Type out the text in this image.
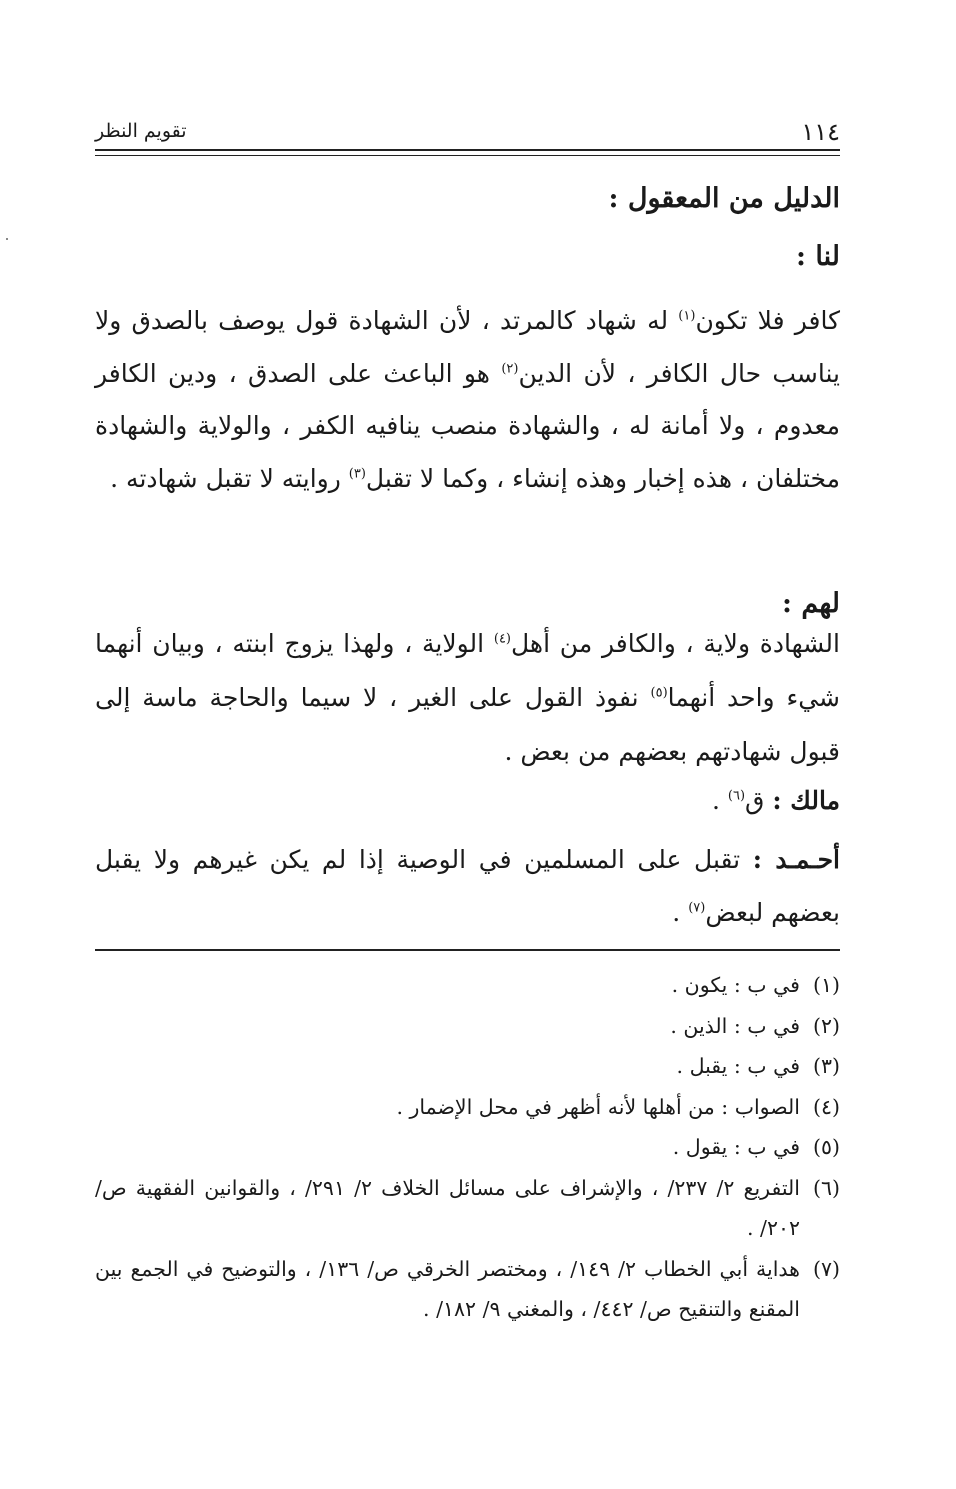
١١٤
تقويم النظر
الدليل من المعقول :
لنا :

كافر فلا تكون$^{(١)}$ له شهاد كالمرتد ، لأن الشهادة قول يوصف بالصدق ولا يناسب حال الكافر ، لأن الدين$^{(٢)}$ هو الباعث على الصدق ، ودين الكافر معدوم ، ولا أمانة له ، والشهادة منصب ينافيه الكفر ، والولاية والشهادة مختلفان ، هذه إخبار وهذه إنشاء ، وكما لا تقبل$^{(٣)}$ روايته لا تقبل شهادته .

لهم :

الشهادة ولاية ، والكافر من أهل$^{(٤)}$ الولاية ، ولهذا يزوج ابنته ، وبيان أنهما شيء واحد أنهما$^{(٥)}$ نفوذ القول على الغير ، لا سيما والحاجة ماسة إلى قبول شهادتهم بعضهم من بعض .

مالك : ق$^{(٦)}$ .

أحـمـد : تقبل على المسلمين في الوصية إذا لم يكن غيرهم ولا يقبل بعضهم لبعض$^{(٧)}$ .

(١)
في ب : يكون .
(٢)
في ب : الذين .
(٣)
في ب : يقبل .
(٤)
الصواب : من أهلها لأنه أظهر في محل الإضمار .
(٥)
في ب : يقول .
(٦)
التفريع ٢/ ٢٣٧/ ، والإشراف على مسائل الخلاف ٢/ ٢٩١/ ، والقوانين الفقهية ص/ ٢٠٢/ .
(٧)
هداية أبي الخطاب ٢/ ١٤٩/ ، ومختصر الخرقي ص/ ١٣٦/ ، والتوضيح في الجمع بين المقنع والتنقيح ص/ ٤٤٢/ ، والمغني ٩/ ١٨٢/ .
